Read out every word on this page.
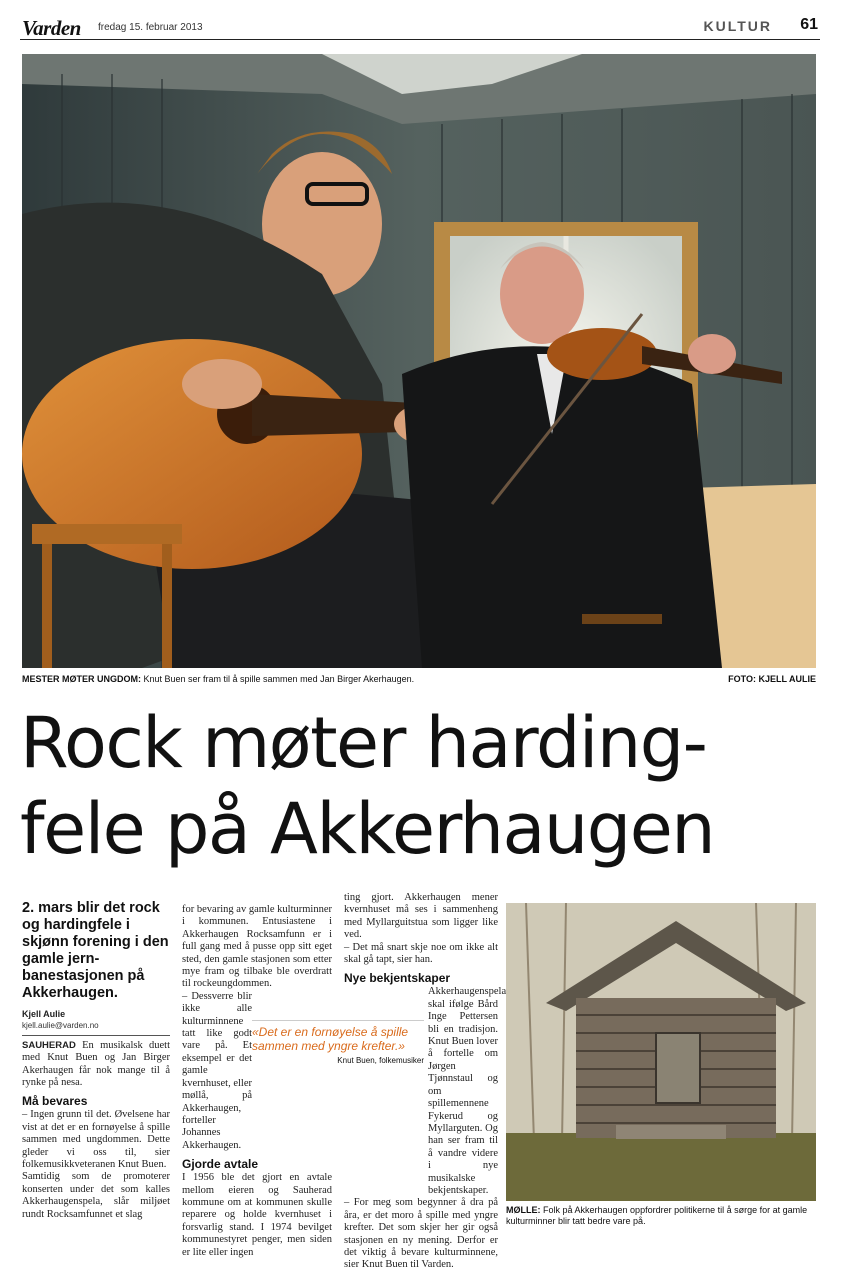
Varden fredag 15. februar 2013	KULTUR 61
MESTER MØTER UNGDOM: Knut Buen ser fram til å spille sammen med Jan Birger Akerhaugen.	FOTO: KJELL AULIE
Rock møter harding-
fele på Akkerhaugen
2. mars blir det rock og hardingfele i skjønn forening i den gamle jern-banestasjonen på Akkerhaugen.
Kjell Aulie
kjell.aulie@varden.no

SAUHERAD En musikalsk duett med Knut Buen og Jan Birger Akerhaugen får nok mange til å rynke på nesa.

Må bevares

– Ingen grunn til det. Øvelsene har vist at det er en fornøyelse å spille sammen med ungdommen. Dette gleder vi oss til, sier folkemusikkveteranen Knut Buen.

Samtidig som de promoterer konserten under det som kalles Akkerhaugenspela, slår miljøet rundt Rocksamfunnet et slag

for bevaring av gamle kulturminner i kommunen. Entusiastene i Akkerhaugen Rocksamfunn er i full gang med å pusse opp sitt eget sted, den gamle stasjonen som etter mye fram og tilbake ble overdratt til rockeungdommen.

– Dessverre blir ikke alle kulturminnene tatt like godt vare på. Et eksempel er det gamle kvernhuset, eller møllå, på Akkerhaugen, forteller Johannes Akkerhaugen.

Gjorde avtale

I 1956 ble det gjort en avtale mellom eieren og Sauherad kommune om at kommunen skulle reparere og holde kvernhuset i forsvarlig stand. I 1974 bevilget kommunestyret penger, men siden er lite eller ingen

ting gjort. Akkerhaugen mener kvernhuset må ses i sammenheng med Myllarguitstua som ligger like ved.

– Det må snart skje noe om ikke alt skal gå tapt, sier han.

Nye bekjentskaper

Akkerhaugenspela skal ifølge Bård Inge Pettersen bli en tradisjon. Knut Buen lover å fortelle om Jørgen Tjønnstaul og om spillemennene Fykerud og Myllarguten. Og han ser fram til å vandre videre i nye musikalske bekjentskaper.

– For meg som begynner å dra på åra, er det moro å spille med yngre krefter. Det som skjer her gir også stasjonen en ny mening. Derfor er det viktig å bevare kulturminnene, sier Knut Buen til Varden.

«Det er en fornøyelse å spille sammen med yngre krefter.»
Knut Buen, folkemusiker
MØLLE: Folk på Akkerhaugen oppfordrer politikerne til å sørge for at gamle kulturminner blir tatt bedre vare på.
